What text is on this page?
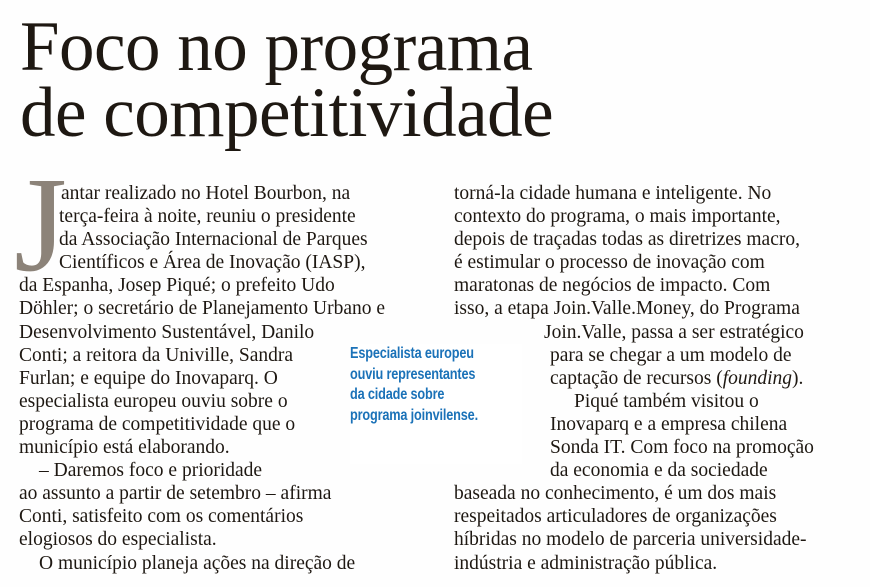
Foco no programa
de competitividade
J
antar realizado no Hotel Bourbon, na
terça-feira à noite, reuniu o presidente
da Associação Internacional de Parques
Científicos e Área de Inovação (IASP),
da Espanha, Josep Piqué; o prefeito Udo
Döhler; o secretário de Planejamento Urbano e
Desenvolvimento Sustentável, Danilo
Conti; a reitora da Univille, Sandra
Furlan; e equipe do Inovaparq. O
especialista europeu ouviu sobre o
programa de competitividade que o
município está elaborando.
– Daremos foco e prioridade
ao assunto a partir de setembro – afirma
Conti, satisfeito com os comentários
elogiosos do especialista.
O município planeja ações na direção de
torná-la cidade humana e inteligente. No
contexto do programa, o mais importante,
depois de traçadas todas as diretrizes macro,
é estimular o processo de inovação com
maratonas de negócios de impacto. Com
isso, a etapa Join.Valle.Money, do Programa
Join.Valle, passa a ser estratégico
para se chegar a um modelo de
captação de recursos (founding).
Piqué também visitou o
Inovaparq e a empresa chilena
Sonda IT. Com foco na promoção
da economia e da sociedade
baseada no conhecimento, é um dos mais
respeitados articuladores de organizações
híbridas no modelo de parceria universidade-
indústria e administração pública.
Especialista europeu
ouviu representantes
da cidade sobre
programa joinvilense.
